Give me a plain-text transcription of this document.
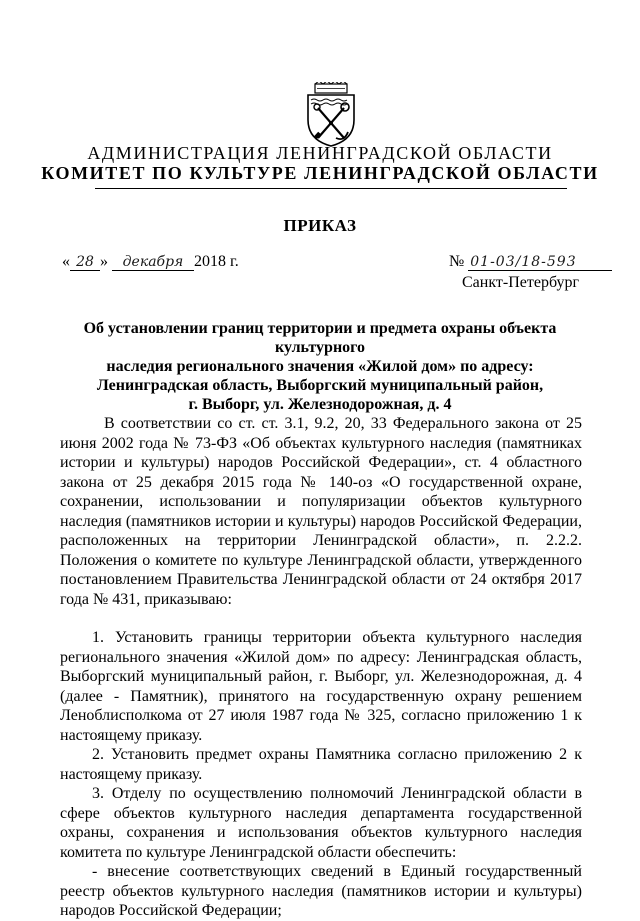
АДМИНИСТРАЦИЯ ЛЕНИНГРАДСКОЙ ОБЛАСТИ
КОМИТЕТ ПО КУЛЬТУРЕ ЛЕНИНГРАДСКОЙ ОБЛАСТИ
ПРИКАЗ
« 28 » декабря 2018 г.	№ 01-03/18-593
Санкт-Петербург
Об установлении границ территории и предмета охраны объекта культурного
наследия регионального значения «Жилой дом» по адресу:
Ленинградская область, Выборгский муниципальный район,
г. Выборг, ул. Железнодорожная, д. 4

В соответствии со ст. ст. 3.1, 9.2, 20, 33 Федерального закона от 25 июня 2002 года № 73-ФЗ «Об объектах культурного наследия (памятниках истории и культуры) народов Российской Федерации», ст. 4 областного закона от 25 декабря 2015 года № 140-оз «О государственной охране, сохранении, использовании и популяризации объектов культурного наследия (памятников истории и культуры) народов Российской Федерации, расположенных на территории Ленинградской области», п. 2.2.2. Положения о комитете по культуре Ленинградской области, утвержденного постановлением Правительства Ленинградской области от 24 октября 2017 года № 431, приказываю:

1. Установить границы территории объекта культурного наследия регионального значения «Жилой дом» по адресу: Ленинградская область, Выборгский муниципальный район, г. Выборг, ул. Железнодорожная, д. 4 (далее - Памятник), принятого на государственную охрану решением Леноблисполкома от 27 июля 1987 года № 325, согласно приложению 1 к настоящему приказу.

2. Установить предмет охраны Памятника согласно приложению 2 к настоящему приказу.

3. Отделу по осуществлению полномочий Ленинградской области в сфере объектов культурного наследия департамента государственной охраны, сохранения и использования объектов культурного наследия комитета по культуре Ленинградской области обеспечить:

- внесение соответствующих сведений в Единый государственный реестр объектов культурного наследия (памятников истории и культуры) народов Российской Федерации;
